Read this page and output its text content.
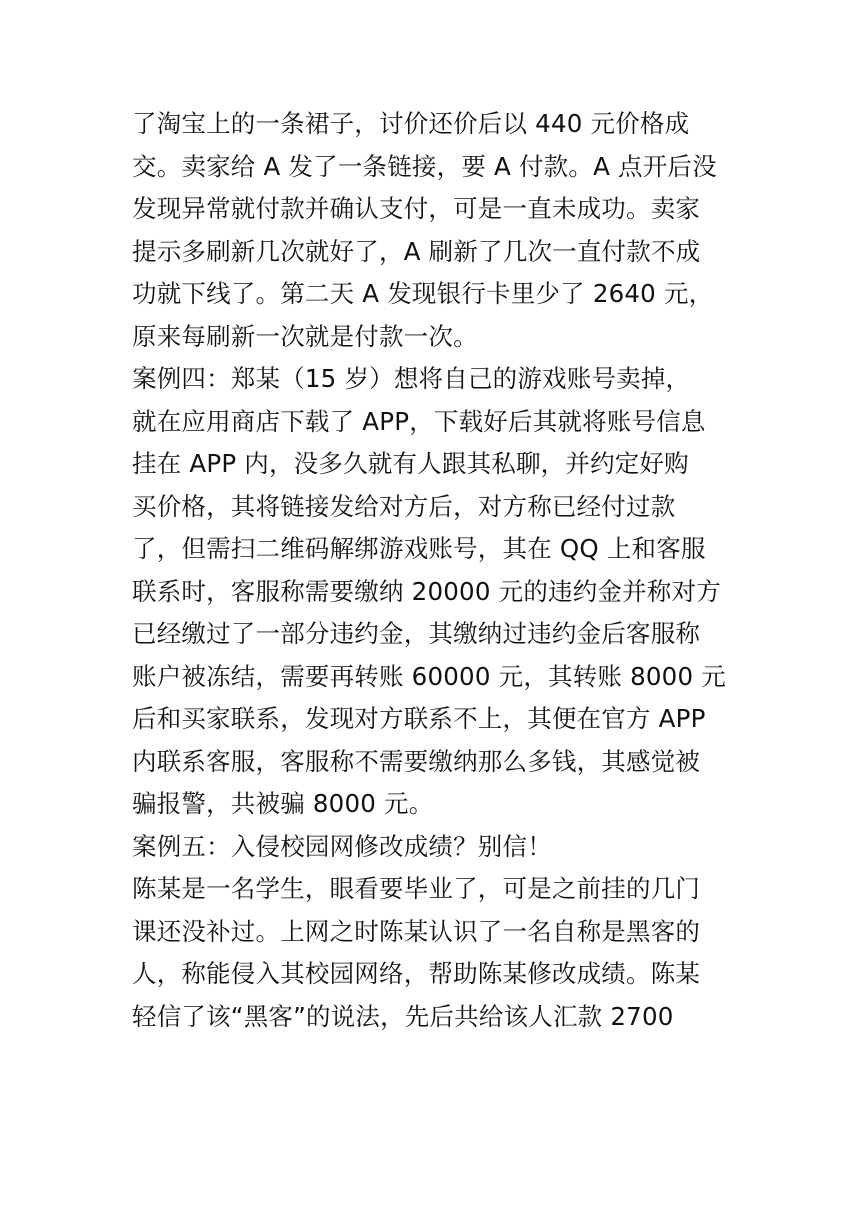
了淘宝上的一条裙子，讨价还价后以 440 元价格成
交。卖家给 A 发了一条链接，要 A 付款。A 点开后没
发现异常就付款并确认支付，可是一直未成功。卖家
提示多刷新几次就好了，A 刷新了几次一直付款不成
功就下线了。第二天 A 发现银行卡里少了 2640 元，
原来每刷新一次就是付款一次。
案例四：郑某（15 岁）想将自己的游戏账号卖掉，
就在应用商店下载了 APP，下载好后其就将账号信息
挂在 APP 内，没多久就有人跟其私聊，并约定好购
买价格，其将链接发给对方后，对方称已经付过款
了，但需扫二维码解绑游戏账号，其在 QQ 上和客服
联系时，客服称需要缴纳 20000 元的违约金并称对方
已经缴过了一部分违约金，其缴纳过违约金后客服称
账户被冻结，需要再转账 60000 元，其转账 8000 元
后和买家联系，发现对方联系不上，其便在官方 APP
内联系客服，客服称不需要缴纳那么多钱，其感觉被
骗报警，共被骗 8000 元。
案例五：入侵校园网修改成绩？别信！
陈某是一名学生，眼看要毕业了，可是之前挂的几门
课还没补过。上网之时陈某认识了一名自称是黑客的
人，称能侵入其校园网络，帮助陈某修改成绩。陈某
轻信了该“黑客”的说法，先后共给该人汇款 2700
